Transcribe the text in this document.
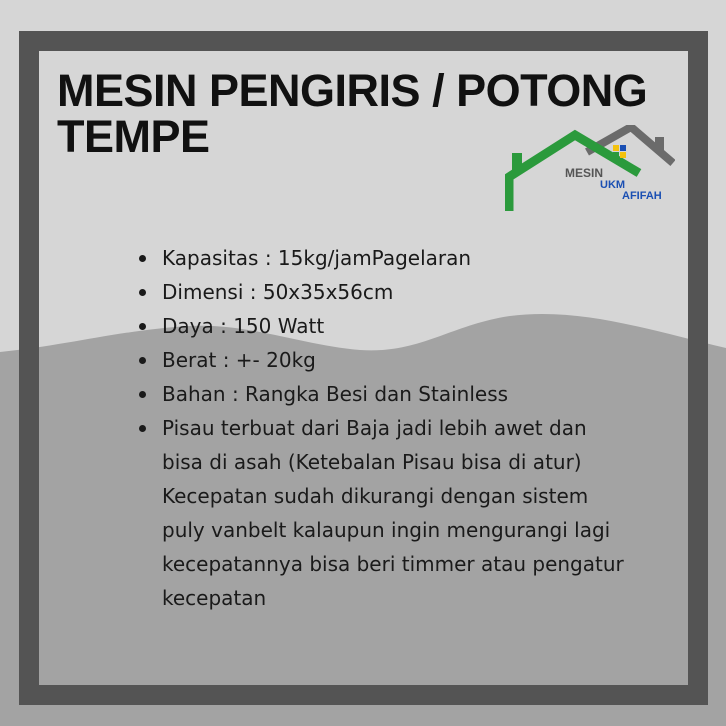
MESIN PENGIRIS / POTONG
TEMPE
MESIN
UKM
AFIFAH
Kapasitas : 15kg/jamPagelaran
Dimensi : 50x35x56cm
Daya : 150 Watt
Berat : +- 20kg
Bahan : Rangka Besi dan Stainless
Pisau terbuat dari Baja jadi lebih awet dan bisa di asah (Ketebalan Pisau bisa di atur) Kecepatan sudah dikurangi dengan sistem puly vanbelt kalaupun ingin mengurangi lagi kecepatannya bisa beri timmer atau pengatur kecepatan
